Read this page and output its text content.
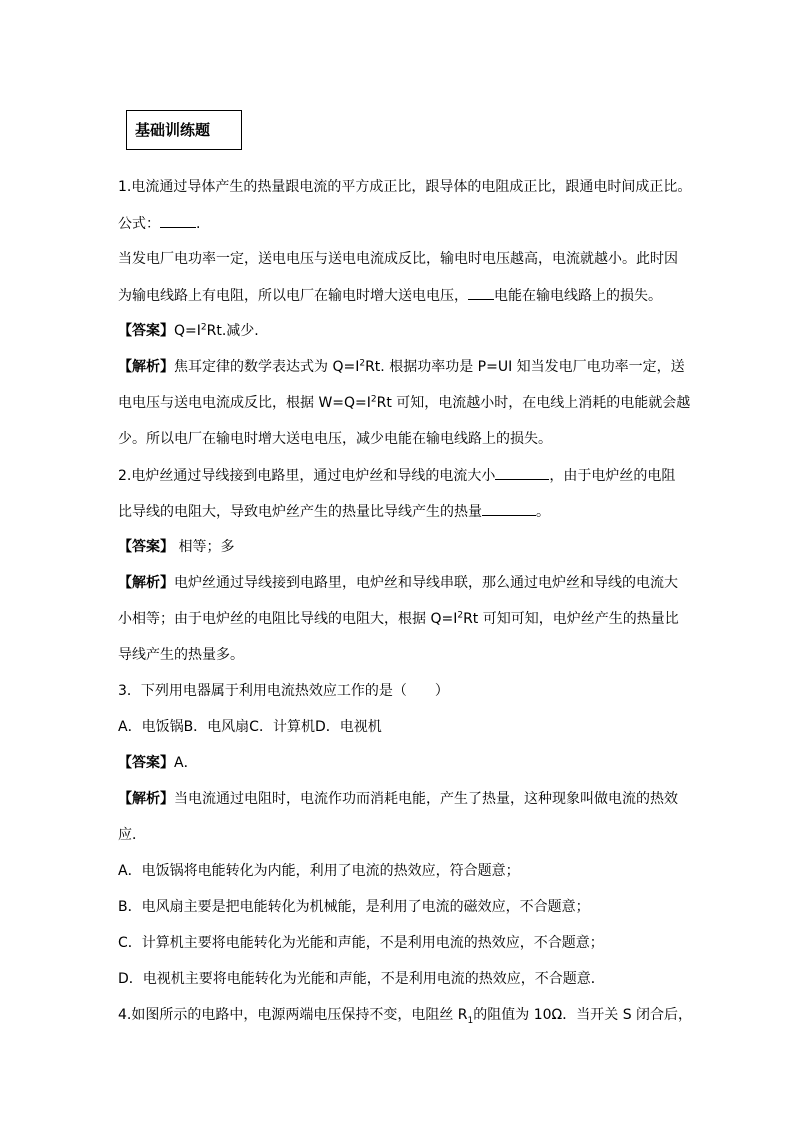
基础训练题
1.电流通过导体产生的热量跟电流的平方成正比，跟导体的电阻成正比，跟通电时间成正比。
公式：	.
当发电厂电功率一定，送电电压与送电电流成反比，输电时电压越高，电流就越小。此时因
为输电线路上有电阻，所以电厂在输电时增大送电电压， 电能在输电线路上的损失。
【答案】$Q=I^2Rt$.减少.
【解析】焦耳定律的数学表达式为 $Q=I^2Rt$. 根据功率功是 P=UI 知当发电厂电功率一定，送
电电压与送电电流成反比，根据 $W=Q=I^2Rt$ 可知，电流越小时，在电线上消耗的电能就会越
少。所以电厂在输电时增大送电电压，减少电能在输电线路上的损失。
2.电炉丝通过导线接到电路里，通过电炉丝和导线的电流大小	，由于电炉丝的电阻
比导线的电阻大，导致电炉丝产生的热量比导线产生的热量	。
【答案】 相等；多
【解析】电炉丝通过导线接到电路里，电炉丝和导线串联，那么通过电炉丝和导线的电流大
小相等；由于电炉丝的电阻比导线的电阻大，根据 $Q=I^2Rt$ 可知可知，电炉丝产生的热量比
导线产生的热量多。
3．下列用电器属于利用电流热效应工作的是（　　）
A．电饭锅B．电风扇C．计算机D．电视机
【答案】A．
【解析】当电流通过电阻时，电流作功而消耗电能，产生了热量，这种现象叫做电流的热效
应．
A．电饭锅将电能转化为内能，利用了电流的热效应，符合题意；
B．电风扇主要是把电能转化为机械能，是利用了电流的磁效应，不合题意；
C．计算机主要将电能转化为光能和声能，不是利用电流的热效应，不合题意；
D．电视机主要将电能转化为光能和声能，不是利用电流的热效应，不合题意．
4.如图所示的电路中，电源两端电压保持不变，电阻丝 $R_1$的阻值为 10Ω．当开关 S 闭合后，
